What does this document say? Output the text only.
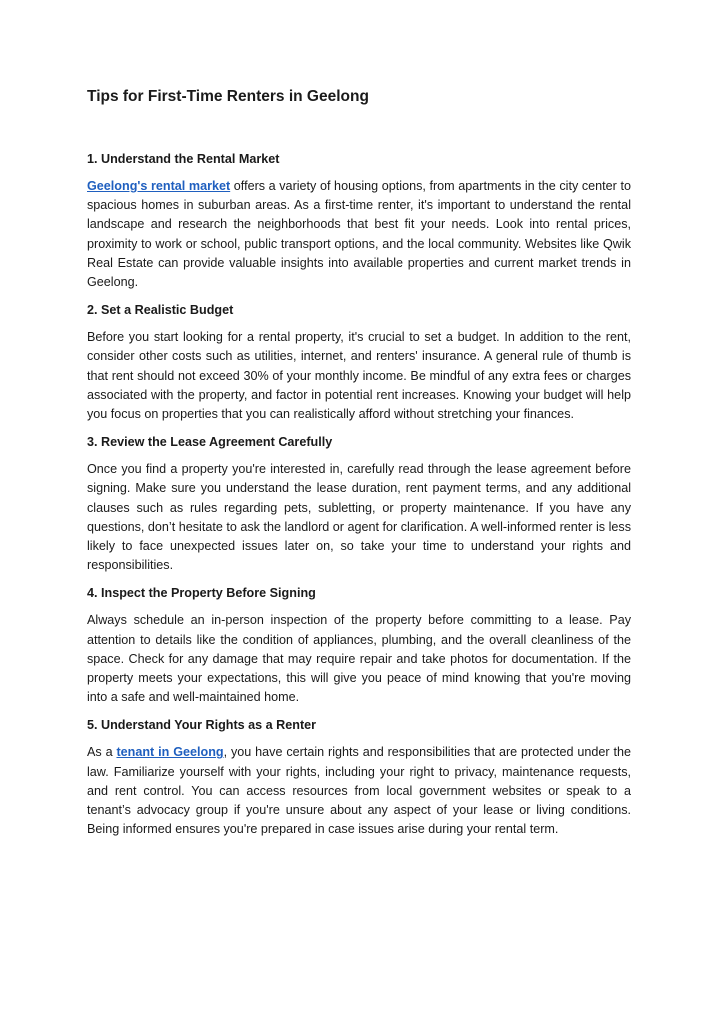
Tips for First-Time Renters in Geelong
1. Understand the Rental Market

Geelong's rental market offers a variety of housing options, from apartments in the city center to spacious homes in suburban areas. As a first-time renter, it's important to understand the rental landscape and research the neighborhoods that best fit your needs. Look into rental prices, proximity to work or school, public transport options, and the local community. Websites like Qwik Real Estate can provide valuable insights into available properties and current market trends in Geelong.

2. Set a Realistic Budget

Before you start looking for a rental property, it's crucial to set a budget. In addition to the rent, consider other costs such as utilities, internet, and renters' insurance. A general rule of thumb is that rent should not exceed 30% of your monthly income. Be mindful of any extra fees or charges associated with the property, and factor in potential rent increases. Knowing your budget will help you focus on properties that you can realistically afford without stretching your finances.

3. Review the Lease Agreement Carefully

Once you find a property you're interested in, carefully read through the lease agreement before signing. Make sure you understand the lease duration, rent payment terms, and any additional clauses such as rules regarding pets, subletting, or property maintenance. If you have any questions, don’t hesitate to ask the landlord or agent for clarification. A well-informed renter is less likely to face unexpected issues later on, so take your time to understand your rights and responsibilities.

4. Inspect the Property Before Signing

Always schedule an in-person inspection of the property before committing to a lease. Pay attention to details like the condition of appliances, plumbing, and the overall cleanliness of the space. Check for any damage that may require repair and take photos for documentation. If the property meets your expectations, this will give you peace of mind knowing that you're moving into a safe and well-maintained home.

5. Understand Your Rights as a Renter

As a tenant in Geelong, you have certain rights and responsibilities that are protected under the law. Familiarize yourself with your rights, including your right to privacy, maintenance requests, and rent control. You can access resources from local government websites or speak to a tenant’s advocacy group if you're unsure about any aspect of your lease or living conditions. Being informed ensures you're prepared in case issues arise during your rental term.
